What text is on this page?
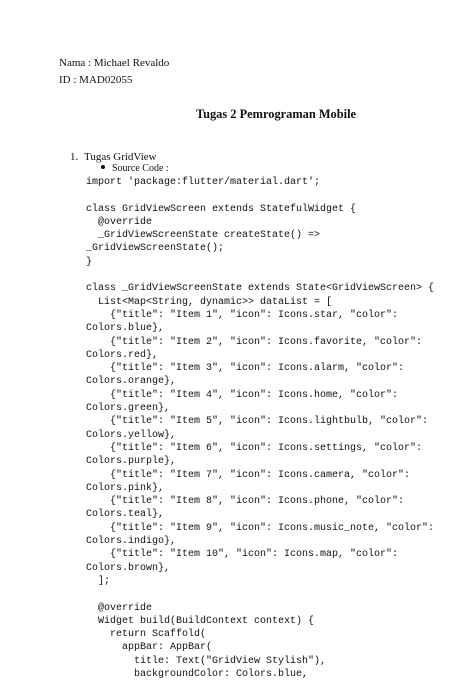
Nama : Michael Revaldo
ID : MAD02055
Tugas 2 Pemrograman Mobile
1. Tugas GridView
Source Code :
import 'package:flutter/material.dart';

class GridViewScreen extends StatefulWidget {
@override
_GridViewScreenState createState() =>
_GridViewScreenState();
}

class _GridViewScreenState extends State<GridViewScreen> {
List<Map<String, dynamic>> dataList = [
{"title": "Item 1", "icon": Icons.star, "color":
Colors.blue},
{"title": "Item 2", "icon": Icons.favorite, "color":
Colors.red},
{"title": "Item 3", "icon": Icons.alarm, "color":
Colors.orange},
{"title": "Item 4", "icon": Icons.home, "color":
Colors.green},
{"title": "Item 5", "icon": Icons.lightbulb, "color":
Colors.yellow},
{"title": "Item 6", "icon": Icons.settings, "color":
Colors.purple},
{"title": "Item 7", "icon": Icons.camera, "color":
Colors.pink},
{"title": "Item 8", "icon": Icons.phone, "color":
Colors.teal},
{"title": "Item 9", "icon": Icons.music_note, "color":
Colors.indigo},
{"title": "Item 10", "icon": Icons.map, "color":
Colors.brown},
];

@override
Widget build(BuildContext context) {
return Scaffold(
appBar: AppBar(
title: Text("GridView Stylish"),
backgroundColor: Colors.blue,
